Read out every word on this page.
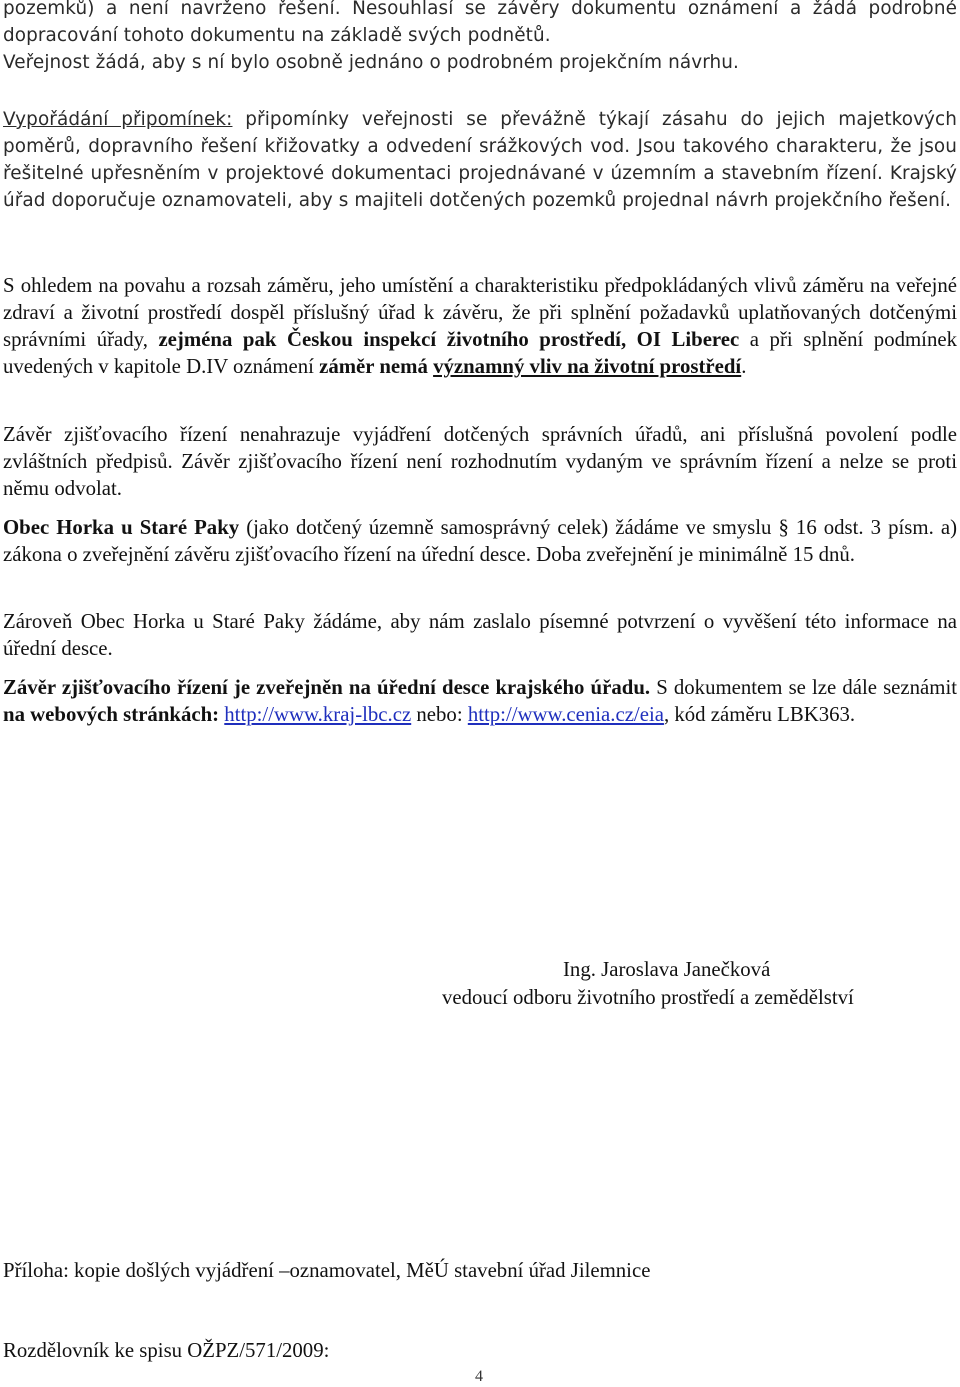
pozemků) a není navrženo řešení. Nesouhlasí se závěry dokumentu oznámení a žádá podrobné dopracování tohoto dokumentu na základě svých podnětů.
Veřejnost žádá, aby s ní bylo osobně jednáno o podrobném projekčním návrhu.
Vypořádání připomínek: připomínky veřejnosti se převážně týkají zásahu do jejich majetkových poměrů, dopravního řešení křižovatky a odvedení srážkových vod. Jsou takového charakteru, že jsou řešitelné upřesněním v projektové dokumentaci projednávané v územním a stavebním řízení. Krajský úřad doporučuje oznamovateli, aby s majiteli dotčených pozemků projednal návrh projekčního řešení.
S ohledem na povahu a rozsah záměru, jeho umístění a charakteristiku předpokládaných vlivů záměru na veřejné zdraví a životní prostředí dospěl příslušný úřad k závěru, že při splnění požadavků uplatňovaných dotčenými správními úřady, zejména pak Českou inspekcí životního prostředí, OI Liberec a při splnění podmínek uvedených v kapitole D.IV oznámení záměr nemá významný vliv na životní prostředí.
Závěr zjišťovacího řízení nenahrazuje vyjádření dotčených správních úřadů, ani příslušná povolení podle zvláštních předpisů. Závěr zjišťovacího řízení není rozhodnutím vydaným ve správním řízení a nelze se proti němu odvolat.
Obec Horka u Staré Paky (jako dotčený územně samosprávný celek) žádáme ve smyslu § 16 odst. 3 písm. a) zákona o zveřejnění závěru zjišťovacího řízení na úřední desce. Doba zveřejnění je minimálně 15 dnů.
Zároveň Obec Horka u Staré Paky žádáme, aby nám zaslalo písemné potvrzení o vyvěšení této informace na úřední desce.
Závěr zjišťovacího řízení je zveřejněn na úřední desce krajského úřadu. S dokumentem se lze dále seznámit na webových stránkách: http://www.kraj-lbc.cz nebo: http://www.cenia.cz/eia, kód záměru LBK363.
Ing. Jaroslava Janečková
vedoucí odboru životního prostředí a zemědělství
Příloha: kopie došlých vyjádření –oznamovatel, MěÚ stavební úřad Jilemnice
Rozdělovník ke spisu OŽPZ/571/2009:
4
